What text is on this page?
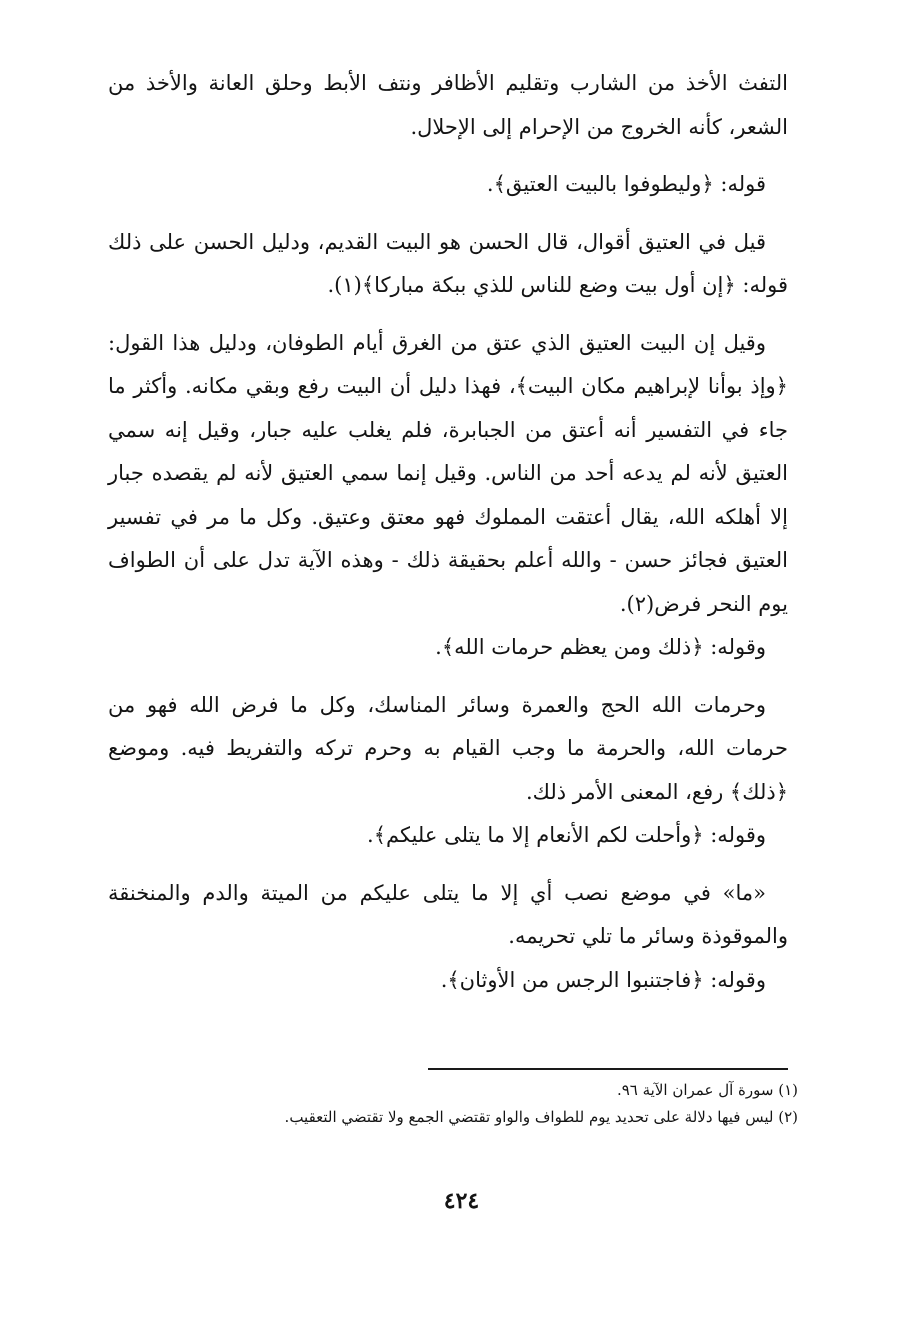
التفث الأخذ من الشارب وتقليم الأظافر ونتف الأبط وحلق العانة والأخذ من الشعر، كأنه الخروج من الإحرام إلى الإحلال.

قوله: ﴿وليطوفوا بالبيت العتيق﴾.

قيل في العتيق أقوال، قال الحسن هو البيت القديم، ودليل الحسن على ذلك قوله: ﴿إن أول بيت وضع للناس للذي ببكة مباركا﴾(١).

وقيل إن البيت العتيق الذي عتق من الغرق أيام الطوفان، ودليل هذا القول: ﴿وإذ بوأنا لإبراهيم مكان البيت﴾، فهذا دليل أن البيت رفع وبقي مكانه. وأكثر ما جاء في التفسير أنه أعتق من الجبابرة، فلم يغلب عليه جبار، وقيل إنه سمي العتيق لأنه لم يدعه أحد من الناس. وقيل إنما سمي العتيق لأنه لم يقصده جبار إلا أهلكه الله، يقال أعتقت المملوك فهو معتق وعتيق. وكل ما مر في تفسير العتيق فجائز حسن - والله أعلم بحقيقة ذلك - وهذه الآية تدل على أن الطواف يوم النحر فرض(٢).

وقوله: ﴿ذلك ومن يعظم حرمات الله﴾.

وحرمات الله الحج والعمرة وسائر المناسك، وكل ما فرض الله فهو من حرمات الله، والحرمة ما وجب القيام به وحرم تركه والتفريط فيه. وموضع ﴿ذلك﴾ رفع، المعنى الأمر ذلك.

وقوله: ﴿وأحلت لكم الأنعام إلا ما يتلى عليكم﴾.

«ما» في موضع نصب أي إلا ما يتلى عليكم من الميتة والدم والمنخنقة والموقوذة وسائر ما تلي تحريمه.

وقوله: ﴿فاجتنبوا الرجس من الأوثان﴾.

(١) سورة آل عمران الآية ٩٦.

(٢) ليس فيها دلالة على تحديد يوم للطواف والواو تقتضي الجمع ولا تقتضي التعقيب.

٤٢٤
